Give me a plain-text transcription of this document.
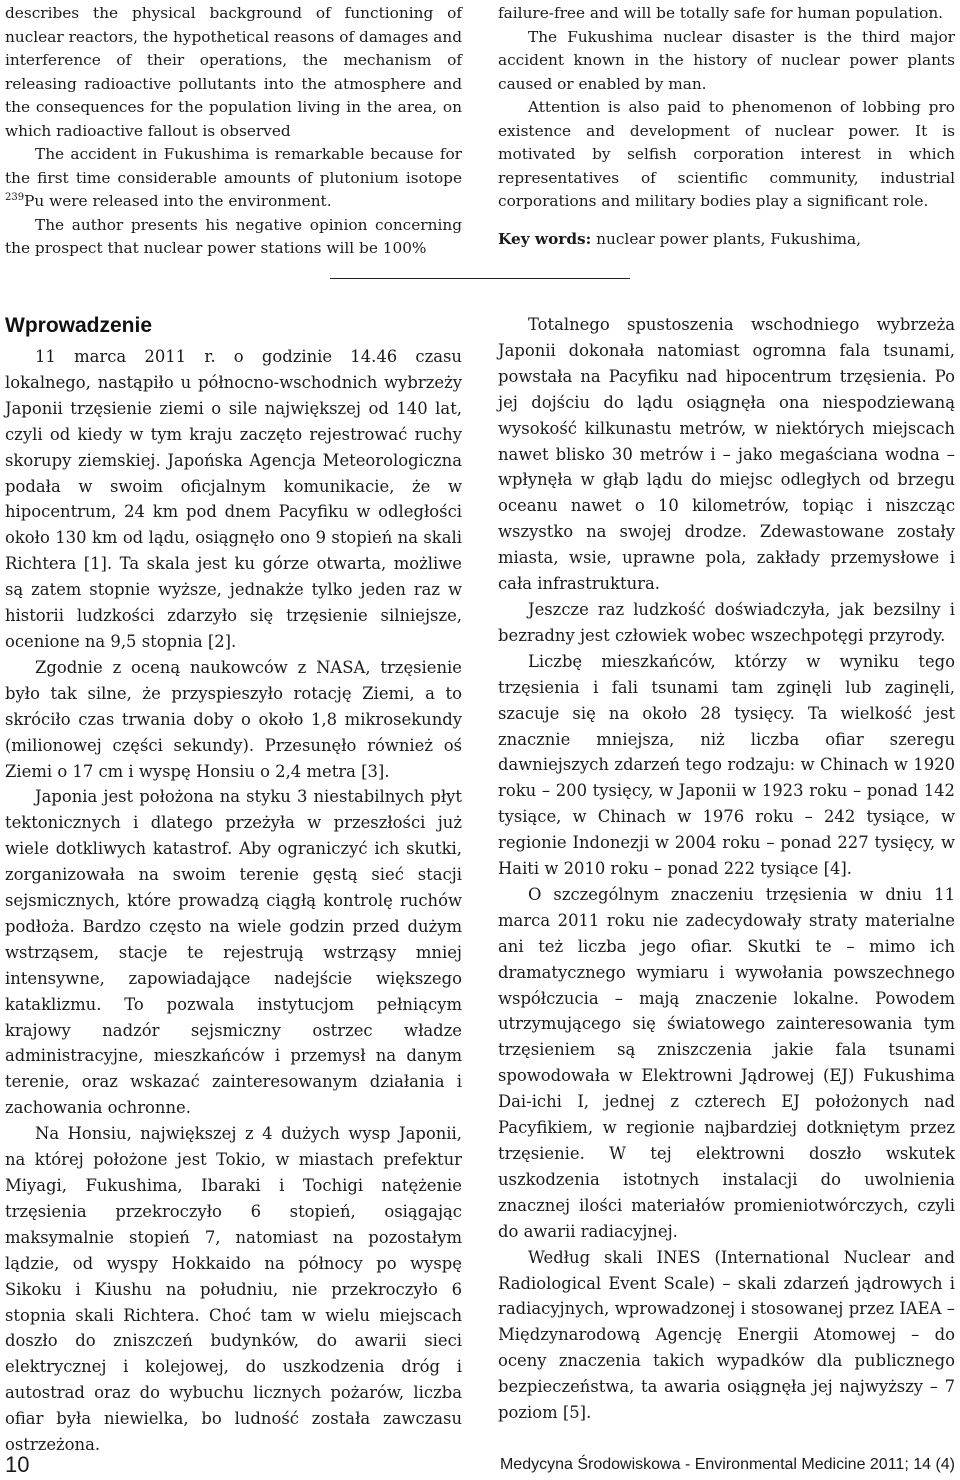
describes the physical background of functioning of nuclear reactors, the hypothetical reasons of damages and interference of their operations, the mechanism of releasing radioactive pollutants into the atmosphere and the consequences for the population living in the area, on which radioactive fallout is observed

The accident in Fukushima is remarkable because for the first time considerable amounts of plutonium isotope $^{239}$Pu were released into the environment.

The author presents his negative opinion concerning the prospect that nuclear power stations will be 100%

failure-free and will be totally safe for human population.

The Fukushima nuclear disaster is the third major accident known in the history of nuclear power plants caused or enabled by man.

Attention is also paid to phenomenon of lobbing pro existence and development of nuclear power. It is motivated by selfish corporation interest in which representatives of scientific community, industrial corporations and military bodies play a significant role.

Key words: nuclear power plants, Fukushima,

Wprowadzenie

11 marca 2011 r. o godzinie 14.46 czasu lokalnego, nastąpiło u północno-wschodnich wybrzeży Japonii trzęsienie ziemi o sile największej od 140 lat, czyli od kiedy w tym kraju zaczęto rejestrować ruchy skorupy ziemskiej. Japońska Agencja Meteorologiczna podała w swoim oficjalnym komunikacie, że w hipocentrum, 24 km pod dnem Pacyfiku w odległości około 130 km od lądu, osiągnęło ono 9 stopień na skali Richtera [1]. Ta skala jest ku górze otwarta, możliwe są zatem stopnie wyższe, jednakże tylko jeden raz w historii ludzkości zdarzyło się trzęsienie silniejsze, ocenione na 9,5 stopnia [2].

Zgodnie z oceną naukowców z NASA, trzęsienie było tak silne, że przyspieszyło rotację Ziemi, a to skróciło czas trwania doby o około 1,8 mikrosekundy (milionowej części sekundy). Przesunęło również oś Ziemi o 17 cm i wyspę Honsiu o 2,4 metra [3].

Japonia jest położona na styku 3 niestabilnych płyt tektonicznych i dlatego przeżyła w przeszłości już wiele dotkliwych katastrof. Aby ograniczyć ich skutki, zorganizowała na swoim terenie gęstą sieć stacji sejsmicznych, które prowadzą ciągłą kontrolę ruchów podłoża. Bardzo często na wiele godzin przed dużym wstrząsem, stacje te rejestrują wstrząsy mniej intensywne, zapowiadające nadejście większego kataklizmu. To pozwala instytucjom pełniącym krajowy nadzór sejsmiczny ostrzec władze administracyjne, mieszkańców i przemysł na danym terenie, oraz wskazać zainteresowanym działania i zachowania ochronne.

Na Honsiu, największej z 4 dużych wysp Japonii, na której położone jest Tokio, w miastach prefektur Miyagi, Fukushima, Ibaraki i Tochigi natężenie trzęsienia przekroczyło 6 stopień, osiągając maksymalnie stopień 7, natomiast na pozostałym lądzie, od wyspy Hokkaido na północy po wyspę Sikoku i Kiushu na południu, nie przekroczyło 6 stopnia skali Richtera. Choć tam w wielu miejscach doszło do zniszczeń budynków, do awarii sieci elektrycznej i kolejowej, do uszkodzenia dróg i autostrad oraz do wybuchu licznych pożarów, liczba ofiar była niewielka, bo ludność została zawczasu ostrzeżona.

Totalnego spustoszenia wschodniego wybrzeża Japonii dokonała natomiast ogromna fala tsunami, powstała na Pacyfiku nad hipocentrum trzęsienia. Po jej dojściu do lądu osiągnęła ona niespodziewaną wysokość kilkunastu metrów, w niektórych miejscach nawet blisko 30 metrów i – jako megaściana wodna – wpłynęła w głąb lądu do miejsc odległych od brzegu oceanu nawet o 10 kilometrów, topiąc i niszcząc wszystko na swojej drodze. Zdewastowane zostały miasta, wsie, uprawne pola, zakłady przemysłowe i cała infrastruktura.

Jeszcze raz ludzkość doświadczyła, jak bezsilny i bezradny jest człowiek wobec wszechpotęgi przyrody.

Liczbę mieszkańców, którzy w wyniku tego trzęsienia i fali tsunami tam zginęli lub zaginęli, szacuje się na około 28 tysięcy. Ta wielkość jest znacznie mniejsza, niż liczba ofiar szeregu dawniejszych zdarzeń tego rodzaju: w Chinach w 1920 roku – 200 tysięcy, w Japonii w 1923 roku – ponad 142 tysiące, w Chinach w 1976 roku – 242 tysiące, w regionie Indonezji w 2004 roku – ponad 227 tysięcy, w Haiti w 2010 roku – ponad 222 tysiące [4].

O szczególnym znaczeniu trzęsienia w dniu 11 marca 2011 roku nie zadecydowały straty materialne ani też liczba jego ofiar. Skutki te – mimo ich dramatycznego wymiaru i wywołania powszechnego współczucia – mają znaczenie lokalne. Powodem utrzymującego się światowego zainteresowania tym trzęsieniem są zniszczenia jakie fala tsunami spowodowała w Elektrowni Jądrowej (EJ) Fukushima Dai-ichi I, jednej z czterech EJ położonych nad Pacyfikiem, w regionie najbardziej dotkniętym przez trzęsienie. W tej elektrowni doszło wskutek uszkodzenia istotnych instalacji do uwolnienia znacznej ilości materiałów promieniotwórczych, czyli do awarii radiacyjnej.

Według skali INES (International Nuclear and Radiological Event Scale) – skali zdarzeń jądrowych i radiacyjnych, wprowadzonej i stosowanej przez IAEA – Międzynarodową Agencję Energii Atomowej – do oceny znaczenia takich wypadków dla publicznego bezpieczeństwa, ta awaria osiągnęła jej najwyższy – 7 poziom [5].

10	Medycyna Środowiskowa - Environmental Medicine 2011; 14 (4)
